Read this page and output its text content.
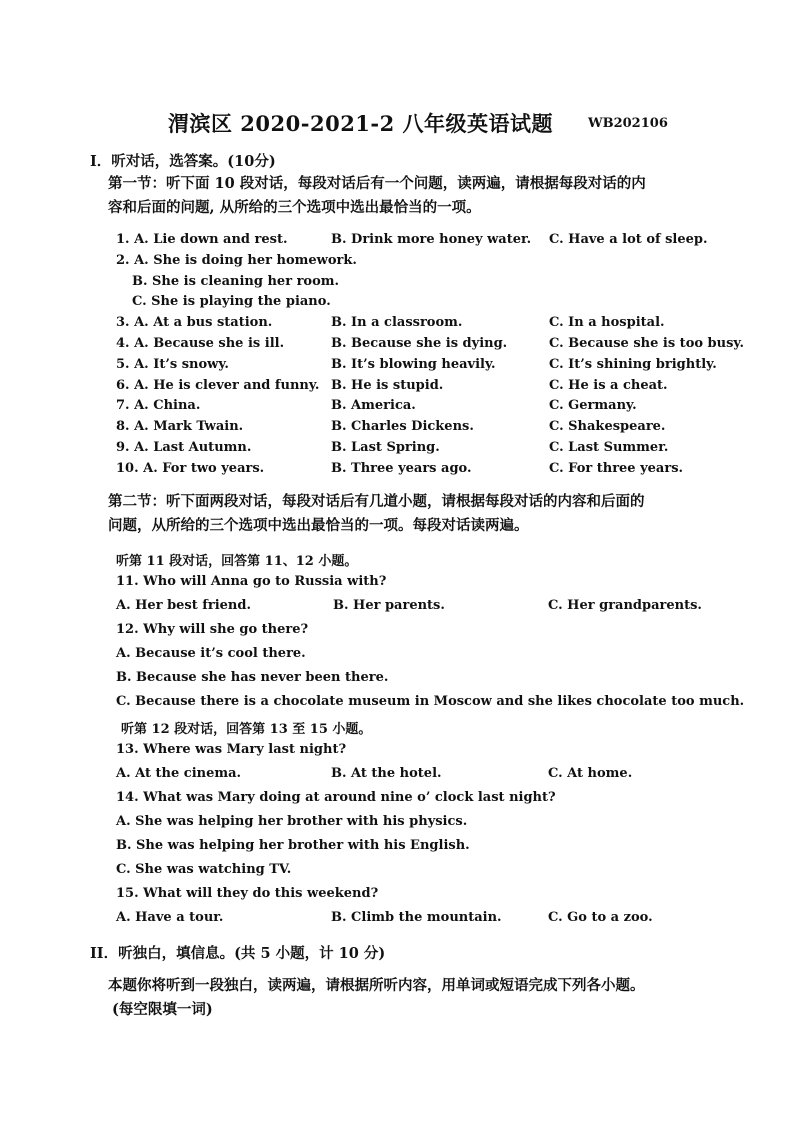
渭滨区 2020-2021-2 八年级英语试题	WB202106
I．听对话，选答案。(10分)
第一节：听下面 10 段对话，每段对话后有一个问题，读两遍，请根据每段对话的内
容和后面的问题, 从所给的三个选项中选出最恰当的一项。
1. A. Lie down and rest.	B. Drink more honey water. C. Have a lot of sleep.
2. A. She is doing her homework.
B. She is cleaning her room.
C. She is playing the piano.
3. A. At a bus station.	B. In a classroom.	C. In a hospital.
4. A. Because she is ill.	B. Because she is dying.	C. Because she is too busy.
5. A. It’s snowy.	B. It’s blowing heavily.	C. It’s shining brightly.
6. A. He is clever and funny. B. He is stupid.	C. He is a cheat.
7. A. China.	B. America.	C. Germany.
8. A. Mark Twain.	B. Charles Dickens.	C. Shakespeare.
9. A. Last Autumn.	B. Last Spring.	C. Last Summer.
10. A. For two years.	B. Three years ago.	C. For three years.
第二节：听下面两段对话，每段对话后有几道小题，请根据每段对话的内容和后面的
问题，从所给的三个选项中选出最恰当的一项。每段对话读两遍。
听第 11 段对话，回答第 11、12 小题。
11. Who will Anna go to Russia with?
A. Her best friend.	B. Her parents.	C. Her grandparents.
12. Why will she go there?
A. Because it’s cool there.
B. Because she has never been there.
C. Because there is a chocolate museum in Moscow and she likes chocolate too much.
听第 12 段对话，回答第 13 至 15 小题。
13. Where was Mary last night?
A. At the cinema.	B. At the hotel.	C. At home.
14. What was Mary doing at around nine o’ clock last night?
A. She was helping her brother with his physics.
B. She was helping her brother with his English.
C. She was watching TV.
15. What will they do this weekend?
A. Have a tour.	B. Climb the mountain.	C. Go to a zoo.
II．听独白，填信息。(共 5 小题，计 10 分)
本题你将听到一段独白，读两遍，请根据所听内容，用单词或短语完成下列各小题。
(每空限填一词)
